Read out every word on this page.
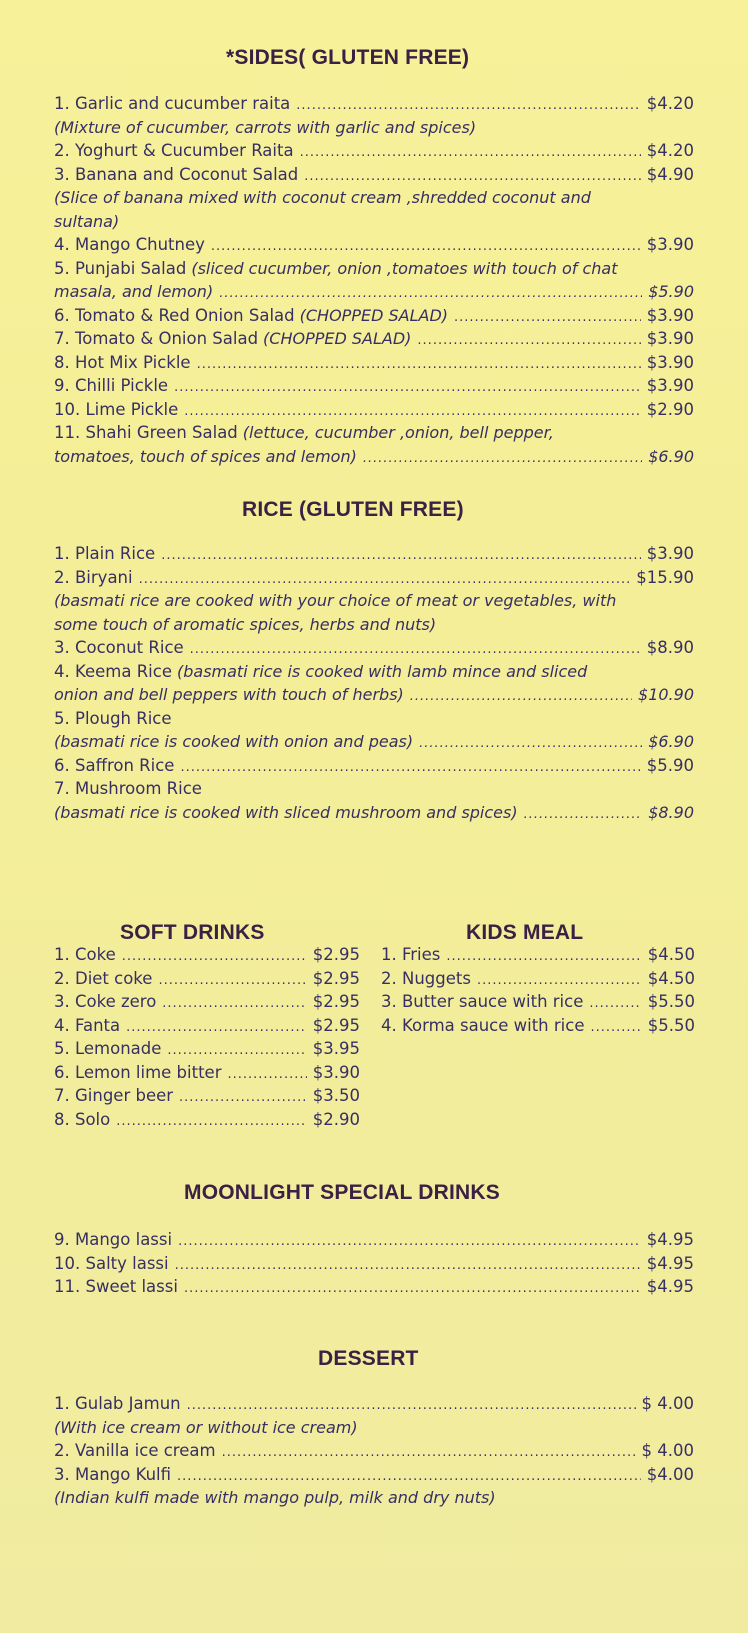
*SIDES( GLUTEN FREE)
1. Garlic and cucumber raita .....	$4.20
(Mixture of cucumber, carrots with garlic and spices)
2. Yoghurt & Cucumber Raita .....	$4.20
3. Banana and Coconut Salad .....	$4.90
(Slice of banana mixed with coconut cream ,shredded coconut and
sultana)
4. Mango Chutney .....	$3.90
5. Punjabi Salad (sliced cucumber, onion ,tomatoes with touch of chat
masala, and lemon) .....	$5.90
6. Tomato & Red Onion Salad (CHOPPED SALAD) .....	$3.90
7. Tomato & Onion Salad (CHOPPED SALAD) .....	$3.90
8. Hot Mix Pickle .....	$3.90
9. Chilli Pickle .....	$3.90
10. Lime Pickle .....	$2.90
11. Shahi Green Salad (lettuce, cucumber ,onion, bell pepper,
tomatoes, touch of spices and lemon) .....	$6.90
RICE (GLUTEN FREE)
1. Plain Rice .....	$3.90
2. Biryani .....	$15.90
(basmati rice are cooked with your choice of meat or vegetables, with
some touch of aromatic spices, herbs and nuts)
3. Coconut Rice .....	$8.90
4. Keema Rice (basmati rice is cooked with lamb mince and sliced
onion and bell peppers with touch of herbs) .....	$10.90
5. Plough Rice
(basmati rice is cooked with onion and peas) .....	$6.90
6. Saffron Rice .....	$5.90
7. Mushroom Rice
(basmati rice is cooked with sliced mushroom and spices) .....	$8.90
SOFT DRINKS
1. Coke .....	$2.95
2. Diet coke .....	$2.95
3. Coke zero .....	$2.95
4. Fanta .....	$2.95
5. Lemonade .....	$3.95
6. Lemon lime bitter .....	$3.90
7. Ginger beer .....	$3.50
8. Solo .....	$2.90
KIDS MEAL
1. Fries .....	$4.50
2. Nuggets .....	$4.50
3. Butter sauce with rice .....	$5.50
4. Korma sauce with rice .....	$5.50
MOONLIGHT SPECIAL DRINKS
9. Mango lassi .....	$4.95
10. Salty lassi .....	$4.95
11. Sweet lassi .....	$4.95
DESSERT
1. Gulab Jamun .....	$ 4.00
(With ice cream or without ice cream)
2. Vanilla ice cream .....	$ 4.00
3. Mango Kulfi .....	$4.00
(Indian kulfi made with mango pulp, milk and dry nuts)
